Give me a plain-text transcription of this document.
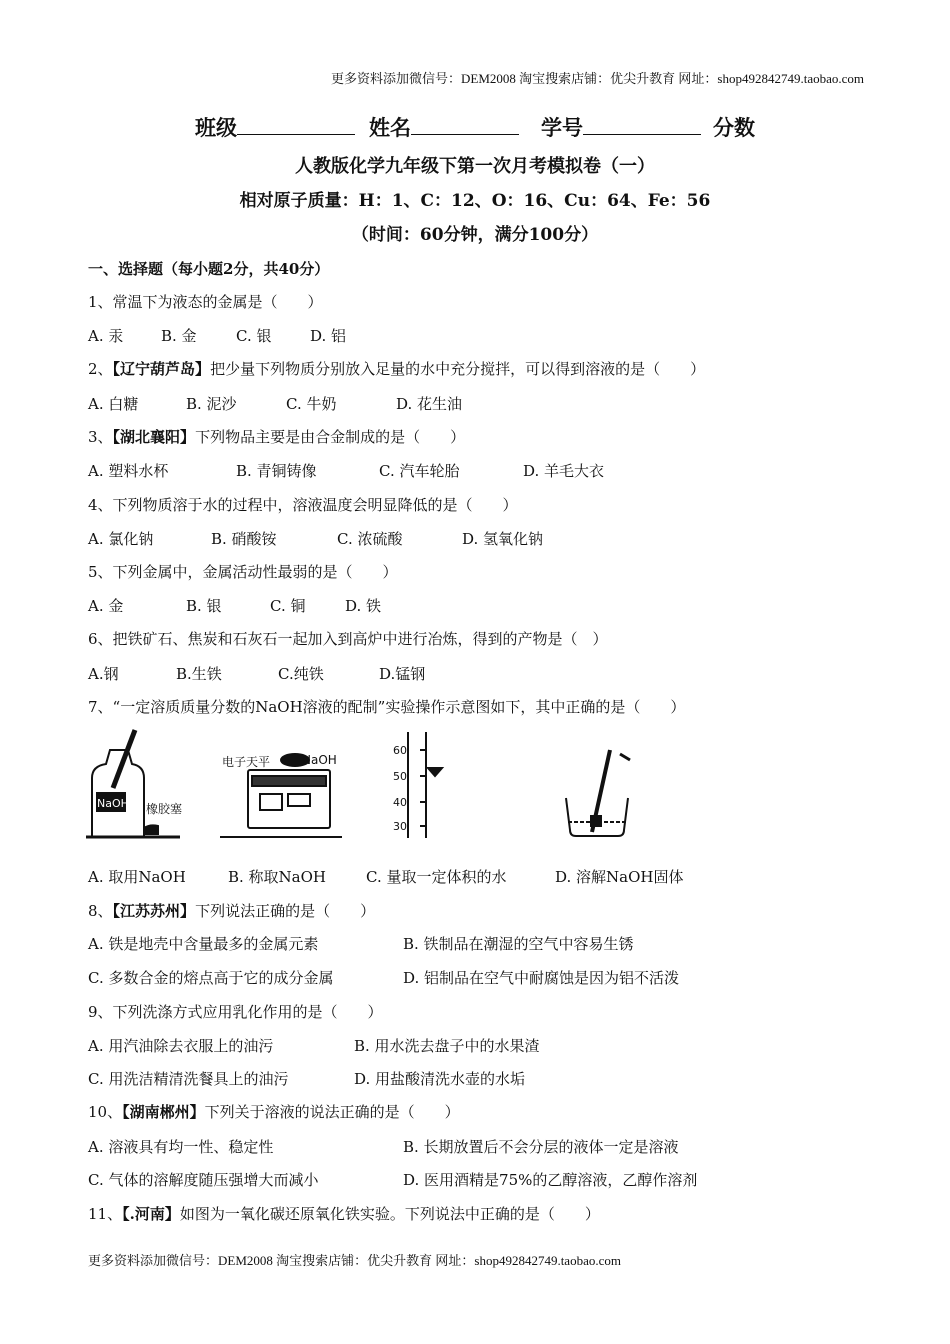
更多资料添加微信号：DEM2008 淘宝搜索店铺：优尖升教育 网址：shop492842749.taobao.com
班级	姓名	学号	分数
人教版化学九年级下第一次月考模拟卷（一）
相对原子质量：H：1、C：12、O：16、Cu：64、Fe：56
（时间：60分钟，满分100分）
一、选择题（每小题2分，共40分）
1、常温下为液态的金属是（　　）
A. 汞	B. 金	C. 银	D. 铝
2、【辽宁葫芦岛】把少量下列物质分别放入足量的水中充分搅拌，可以得到溶液的是（　　）
A. 白糖	B. 泥沙	C. 牛奶	D. 花生油
3、【湖北襄阳】下列物品主要是由合金制成的是（　　）
A. 塑料水杯	B. 青铜铸像	C. 汽车轮胎	D. 羊毛大衣
4、下列物质溶于水的过程中，溶液温度会明显降低的是（　　）
A. 氯化钠	B. 硝酸铵	C. 浓硫酸	D. 氢氧化钠
5、下列金属中，金属活动性最弱的是（　　）
A. 金	B. 银	C. 铜	D. 铁
6、把铁矿石、焦炭和石灰石一起加入到高炉中进行冶炼，得到的产物是（　）
A.钢	B.生铁	C.纯铁	D.锰钢
7、“一定溶质质量分数的NaOH溶液的配制”实验操作示意图如下，其中正确的是（　　）
NaOH 橡胶塞
电子天平	NaOH
60
50
40
30
A. 取用NaOH	B. 称取NaOH	C. 量取一定体积的水	D. 溶解NaOH固体
8、【江苏苏州】下列说法正确的是（　　）
A. 铁是地壳中含量最多的金属元素	B. 铁制品在潮湿的空气中容易生锈
C. 多数合金的熔点高于它的成分金属	D. 铝制品在空气中耐腐蚀是因为铝不活泼
9、下列洗涤方式应用乳化作用的是（　　）
A. 用汽油除去衣服上的油污	B. 用水洗去盘子中的水果渣
C. 用洗洁精清洗餐具上的油污	D. 用盐酸清洗水壶的水垢
10、【湖南郴州】下列关于溶液的说法正确的是（　　）
A. 溶液具有均一性、稳定性	B. 长期放置后不会分层的液体一定是溶液
C. 气体的溶解度随压强增大而减小	D. 医用酒精是75%的乙醇溶液，乙醇作溶剂
11、【.河南】如图为一氧化碳还原氧化铁实验。下列说法中正确的是（　　）
更多资料添加微信号：DEM2008 淘宝搜索店铺：优尖升教育 网址：shop492842749.taobao.com
